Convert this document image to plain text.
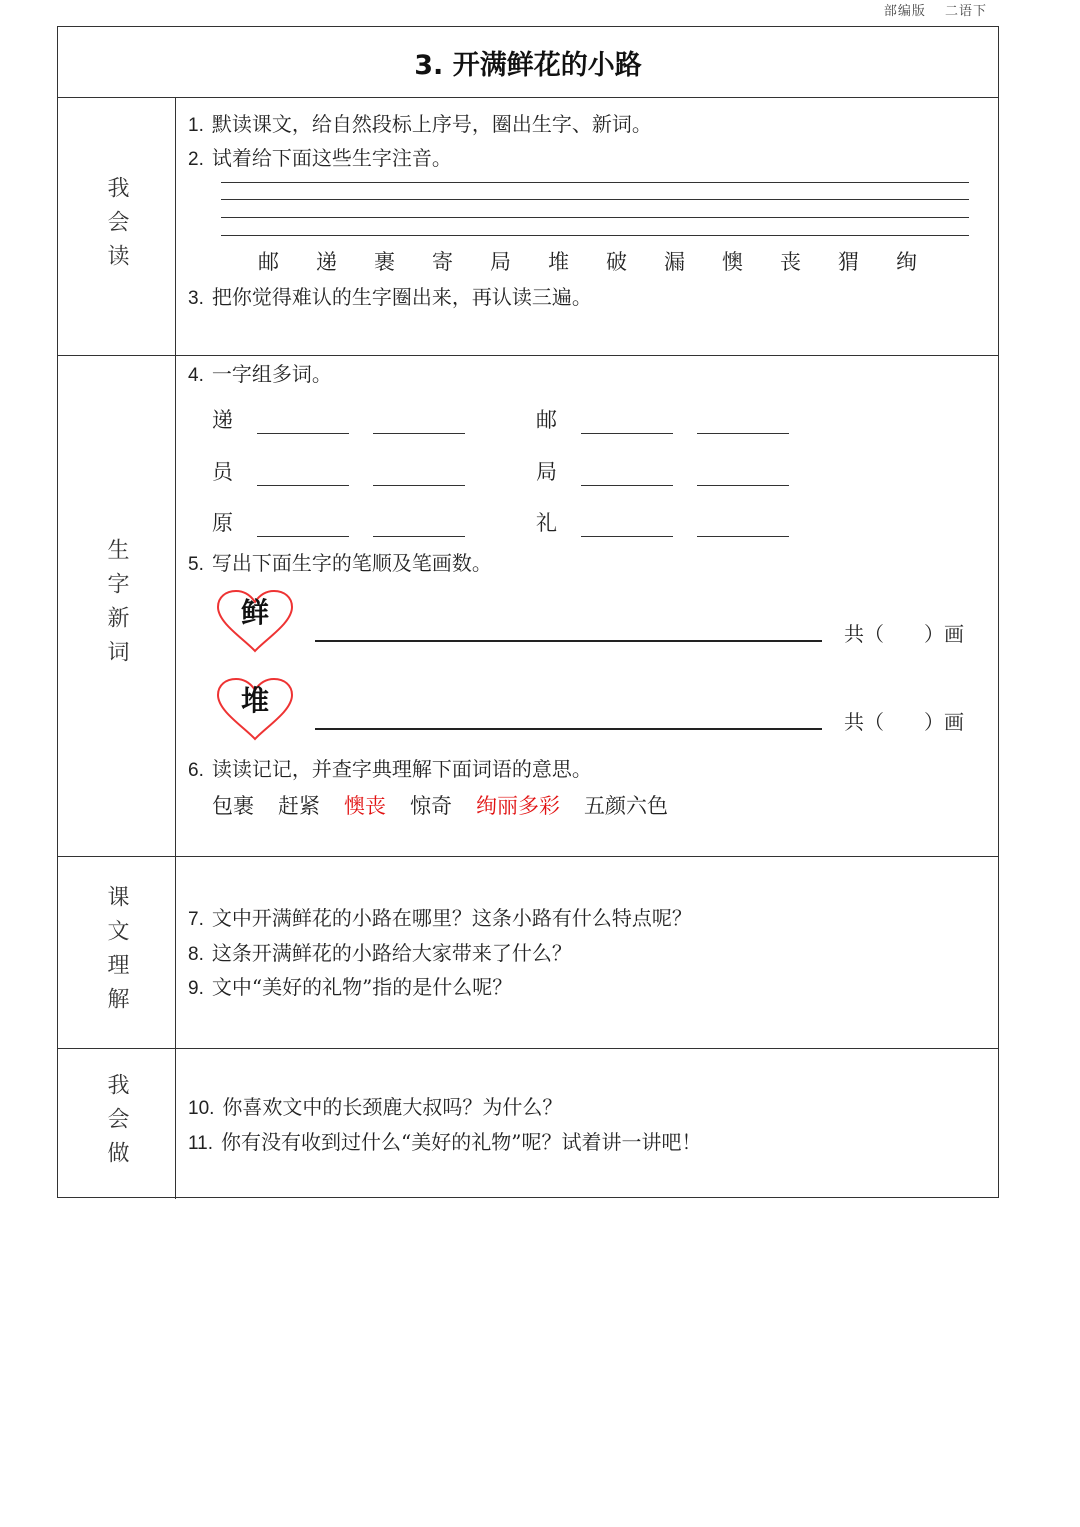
部编版 二语下
3. 开满鲜花的小路
我会读
1. 默读课文，给自然段标上序号，圈出生字、新词。
2. 试着给下面这些生字注音。
邮	递	裹	寄	局	堆	破	漏	懊	丧	猬	绚
3. 把你觉得难认的生字圈出来，再认读三遍。
生字新词
4. 一字组多词。
递	邮
员	局
原	礼
5. 写出下面生字的笔顺及笔画数。
鲜
共（　　）画
堆
共（　　）画
6. 读读记记，并查字典理解下面词语的意思。
包裹 赶紧 懊丧 惊奇 绚丽多彩 五颜六色
课文理解	7. 文中开满鲜花的小路在哪里？这条小路有什么特点呢？
8. 这条开满鲜花的小路给大家带来了什么？
9. 文中“美好的礼物”指的是什么呢？
我会做	10. 你喜欢文中的长颈鹿大叔吗？为什么？
11. 你有没有收到过什么“美好的礼物”呢？试着讲一讲吧！
